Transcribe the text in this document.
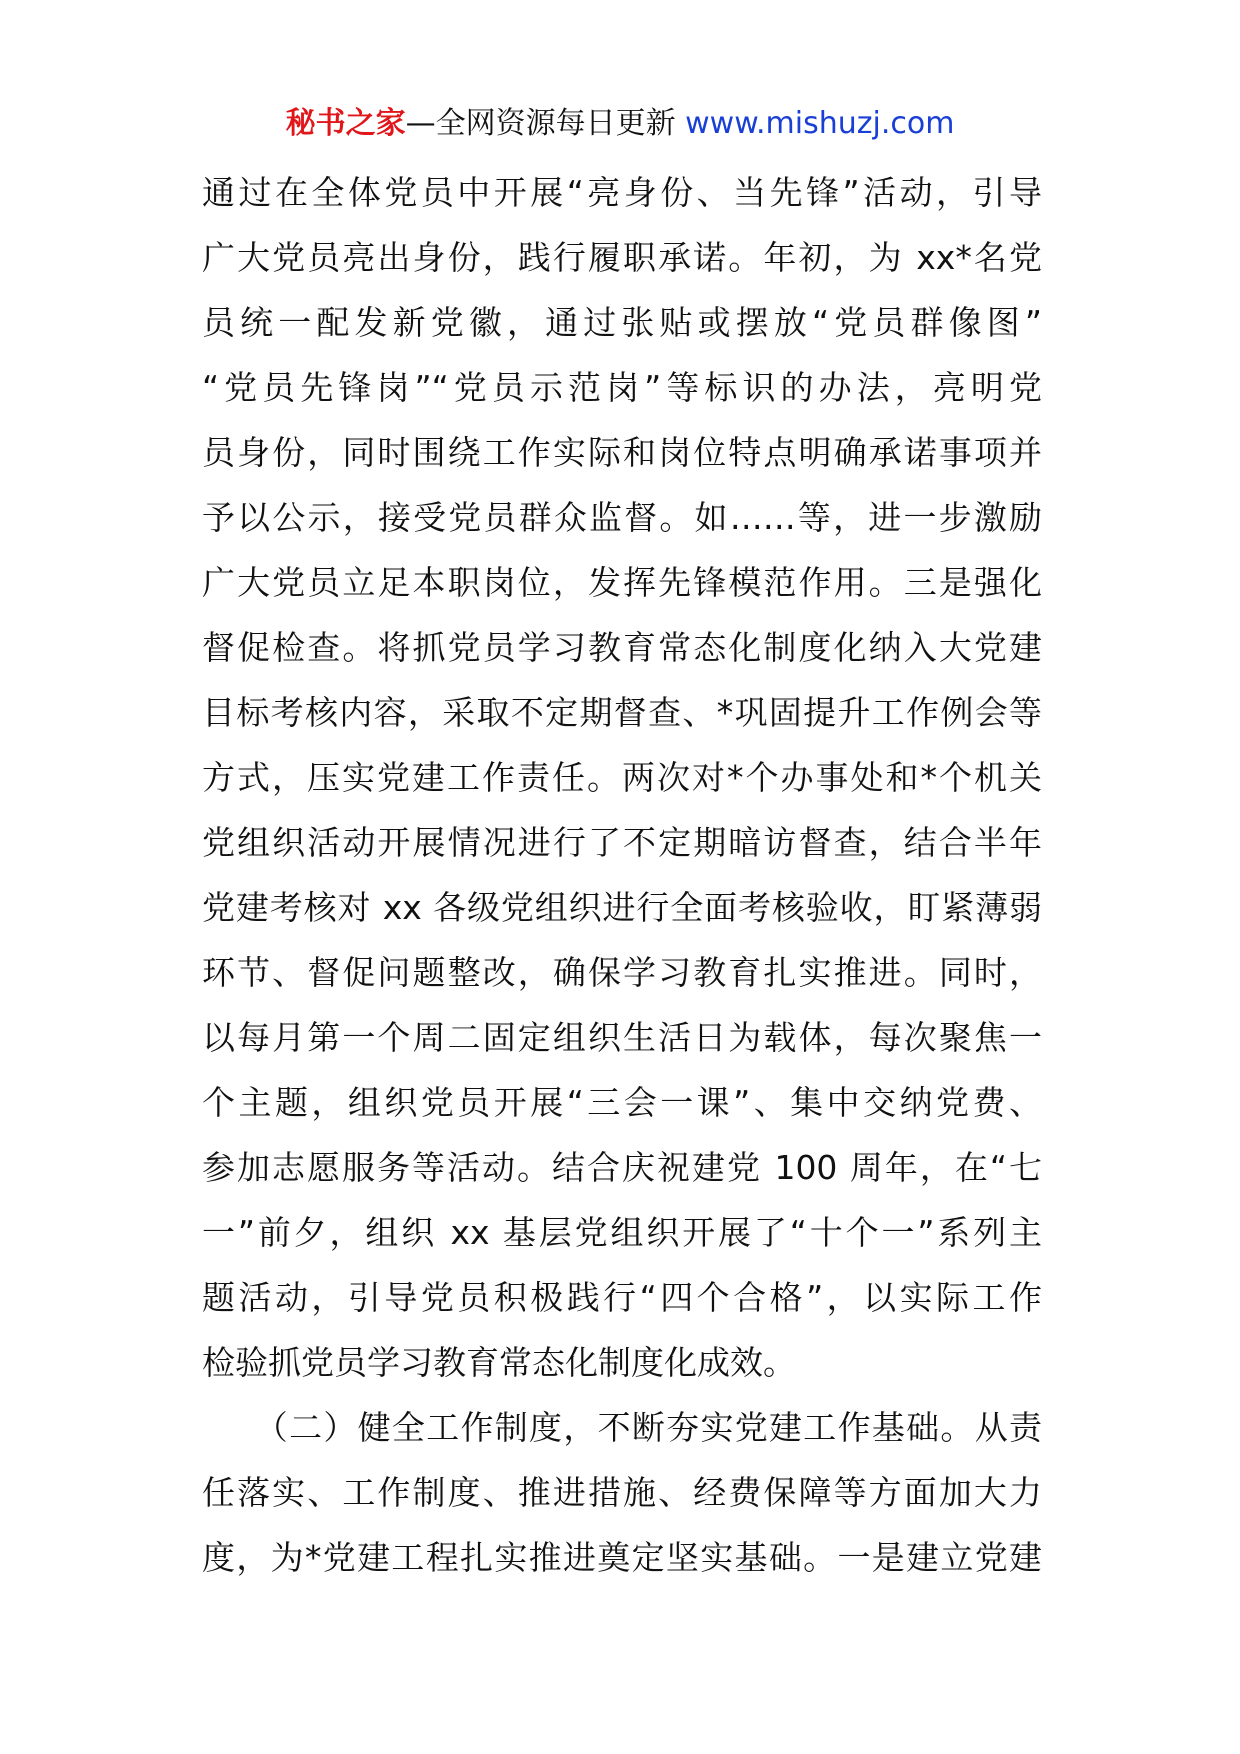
秘书之家—全网资源每日更新 www.mishuzj.com
通过在全体党员中开展“亮身份、当先锋”活动，引导
广大党员亮出身份，践行履职承诺。年初，为 xx*名党
员统一配发新党徽，通过张贴或摆放“党员群像图”
“党员先锋岗”“党员示范岗”等标识的办法，亮明党
员身份，同时围绕工作实际和岗位特点明确承诺事项并
予以公示，接受党员群众监督。如……等，进一步激励
广大党员立足本职岗位，发挥先锋模范作用。三是强化
督促检查。将抓党员学习教育常态化制度化纳入大党建
目标考核内容，采取不定期督查、*巩固提升工作例会等
方式，压实党建工作责任。两次对*个办事处和*个机关
党组织活动开展情况进行了不定期暗访督查，结合半年
党建考核对 xx 各级党组织进行全面考核验收，盯紧薄弱
环节、督促问题整改，确保学习教育扎实推进。同时，
以每月第一个周二固定组织生活日为载体，每次聚焦一
个主题，组织党员开展“三会一课”、集中交纳党费、
参加志愿服务等活动。结合庆祝建党 100 周年，在“七
一”前夕，组织 xx 基层党组织开展了“十个一”系列主
题活动，引导党员积极践行“四个合格”，以实际工作
检验抓党员学习教育常态化制度化成效。
（二）健全工作制度，不断夯实党建工作基础。从责
任落实、工作制度、推进措施、经费保障等方面加大力
度，为*党建工程扎实推进奠定坚实基础。一是建立党建
